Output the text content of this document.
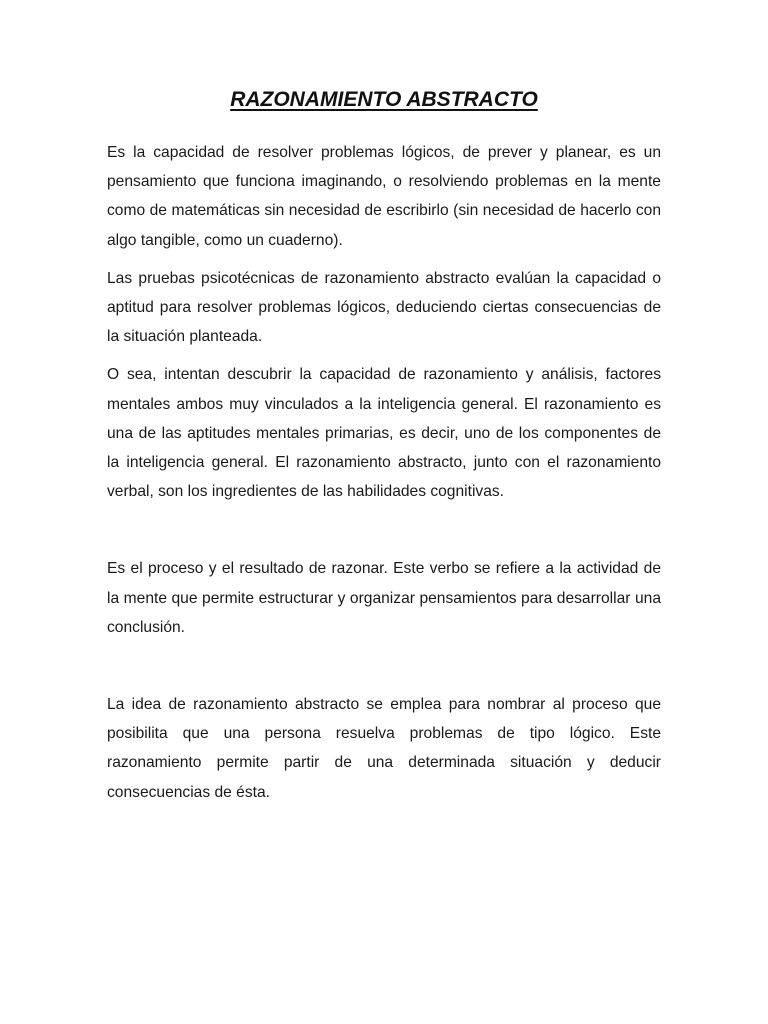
RAZONAMIENTO ABSTRACTO

Es la capacidad de resolver problemas lógicos, de prever y planear, es un pensamiento que funciona imaginando, o resolviendo problemas en la mente como de matemáticas sin necesidad de escribirlo (sin necesidad de hacerlo con algo tangible, como un cuaderno).

Las pruebas psicotécnicas de razonamiento abstracto evalúan la capacidad o aptitud para resolver problemas lógicos, deduciendo ciertas consecuencias de la situación planteada.

O sea, intentan descubrir la capacidad de razonamiento y análisis, factores mentales ambos muy vinculados a la inteligencia general. El razonamiento es una de las aptitudes mentales primarias, es decir, uno de los componentes de la inteligencia general. El razonamiento abstracto, junto con el razonamiento verbal, son los ingredientes de las habilidades cognitivas.

Es el proceso y el resultado de razonar. Este verbo se refiere a la actividad de la mente que permite estructurar y organizar pensamientos para desarrollar una conclusión.

La idea de razonamiento abstracto se emplea para nombrar al proceso que posibilita que una persona resuelva problemas de tipo lógico. Este razonamiento permite partir de una determinada situación y deducir consecuencias de ésta.
